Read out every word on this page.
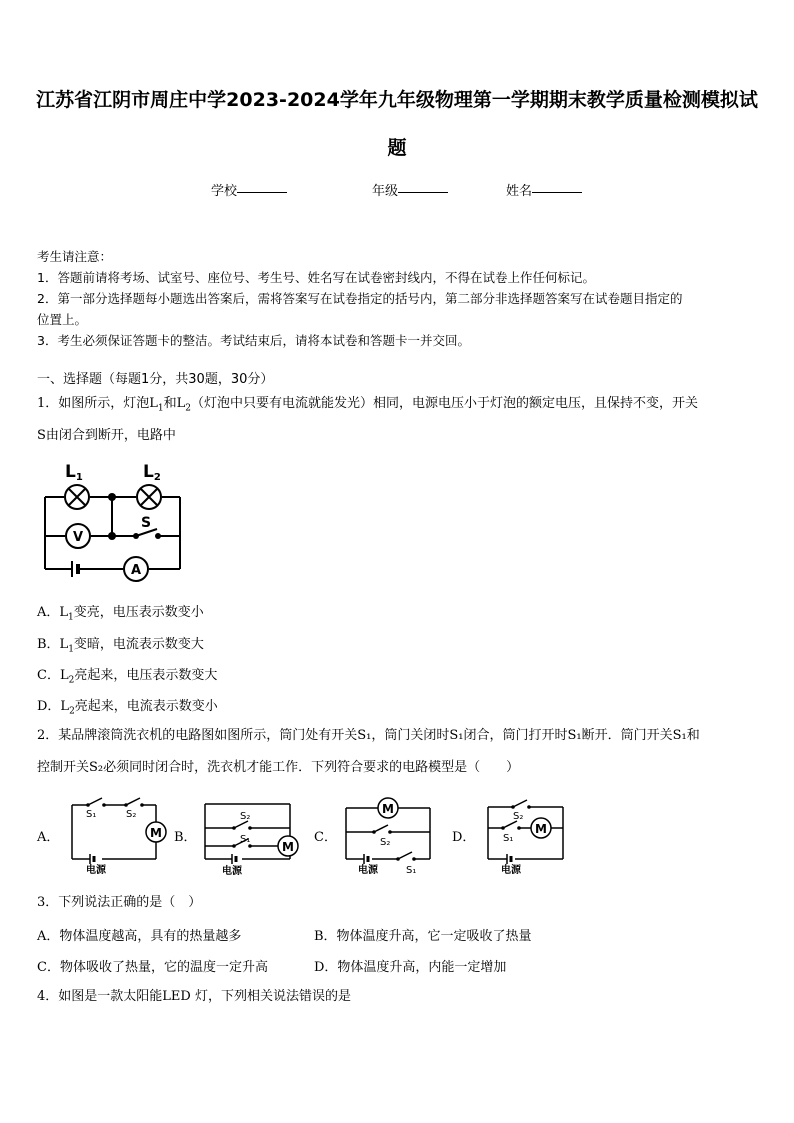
江苏省江阴市周庄中学2023-2024学年九年级物理第一学期期末教学质量检测模拟试
题
学校	年级	姓名
考生请注意：
1．答题前请将考场、试室号、座位号、考生号、姓名写在试卷密封线内，不得在试卷上作任何标记。
2．第一部分选择题每小题选出答案后，需将答案写在试卷指定的括号内，第二部分非选择题答案写在试卷题目指定的
位置上。
3．考生必须保证答题卡的整洁。考试结束后，请将本试卷和答题卡一并交回。
一、选择题（每题1分，共30题，30分）
1．如图所示，灯泡$L_1$和$L_2$（灯泡中只要有电流就能发光）相同，电源电压小于灯泡的额定电压，且保持不变，开关
S由闭合到断开，电路中
L1	L2
V
A
S
A．$L_1$变亮，电压表示数变小
B．$L_1$变暗，电流表示数变大
C．$L_2$亮起来，电压表示数变大
D．$L_2$亮起来，电流表示数变小
2．某品牌滚筒洗衣机的电路图如图所示，筒门处有开关S₁，筒门关闭时S₁闭合，筒门打开时S₁断开．筒门开关S₁和
控制开关S₂必须同时闭合时，洗衣机才能工作．下列符合要求的电路模型是（　　）
A．	B．	C．	D．
M
S₁	S₂
电源
M
S₂
S₁
电源
M
S₂
S₁
电源
M
S₂
S₁
电源
3．下列说法正确的是（　）
A．物体温度越高，具有的热量越多	B．物体温度升高，它一定吸收了热量
C．物体吸收了热量，它的温度一定升高	D．物体温度升高，内能一定增加
4．如图是一款太阳能LED 灯，下列相关说法错误的是
